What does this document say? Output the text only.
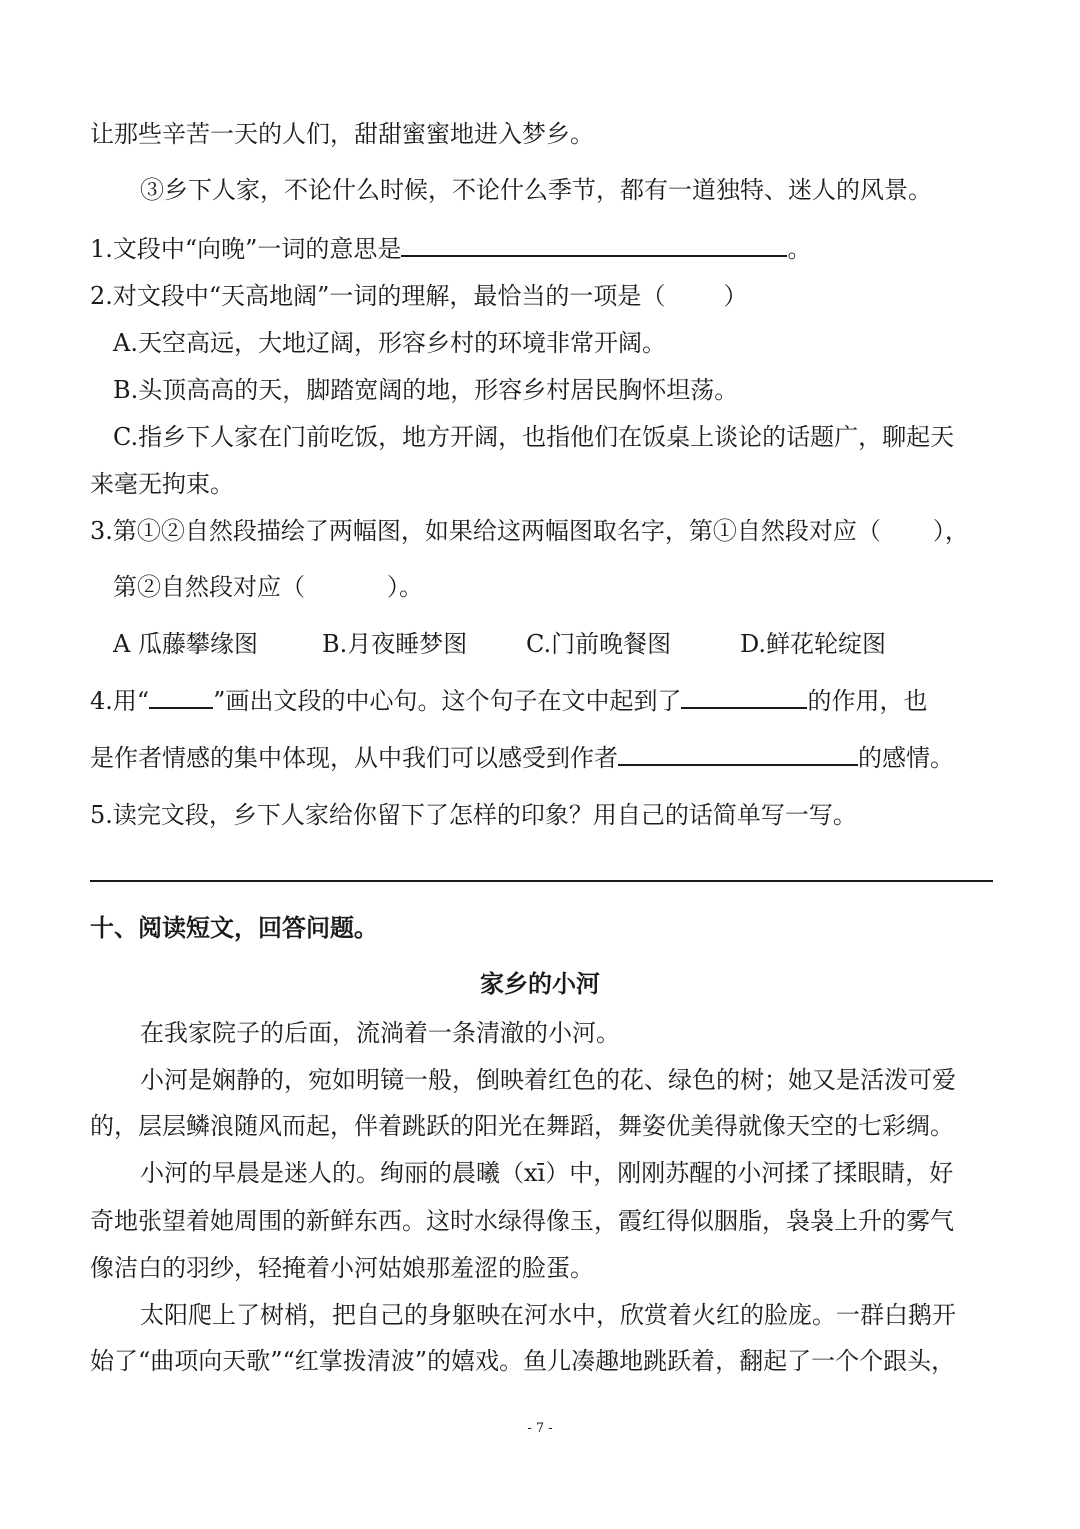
让那些辛苦一天的人们，甜甜蜜蜜地进入梦乡。
③乡下人家，不论什么时候，不论什么季节，都有一道独特、迷人的风景。
1.文段中“向晚”一词的意思是	。
2.对文段中“天高地阔”一词的理解，最恰当的一项是（ ）
A.天空高远，大地辽阔，形容乡村的环境非常开阔。
B.头顶高高的天，脚踏宽阔的地，形容乡村居民胸怀坦荡。
C.指乡下人家在门前吃饭，地方开阔，也指他们在饭桌上谈论的话题广，聊起天
来毫无拘束。
3.第①②自然段描绘了两幅图，如果给这两幅图取名字，第①自然段对应（ ），
第②自然段对应（	）。
A 瓜藤攀缘图	B.月夜睡梦图	C.门前晚餐图	D.鲜花轮绽图
4.用“	”画出文段的中心句。这个句子在文中起到了	的作用，也
是作者情感的集中体现，从中我们可以感受到作者	的感情。
5.读完文段，乡下人家给你留下了怎样的印象？用自己的话简单写一写。
十、阅读短文，回答问题。
家乡的小河
在我家院子的后面，流淌着一条清澈的小河。
小河是娴静的，宛如明镜一般，倒映着红色的花、绿色的树；她又是活泼可爱
的，层层鳞浪随风而起，伴着跳跃的阳光在舞蹈，舞姿优美得就像天空的七彩绸。
小河的早晨是迷人的。绚丽的晨曦（xī）中，刚刚苏醒的小河揉了揉眼睛，好
奇地张望着她周围的新鲜东西。这时水绿得像玉，霞红得似胭脂，袅袅上升的雾气
像洁白的羽纱，轻掩着小河姑娘那羞涩的脸蛋。
太阳爬上了树梢，把自己的身躯映在河水中，欣赏着火红的脸庞。一群白鹅开
始了“曲项向天歌”“红掌拨清波”的嬉戏。鱼儿凑趣地跳跃着，翻起了一个个跟头，
- 7 -
